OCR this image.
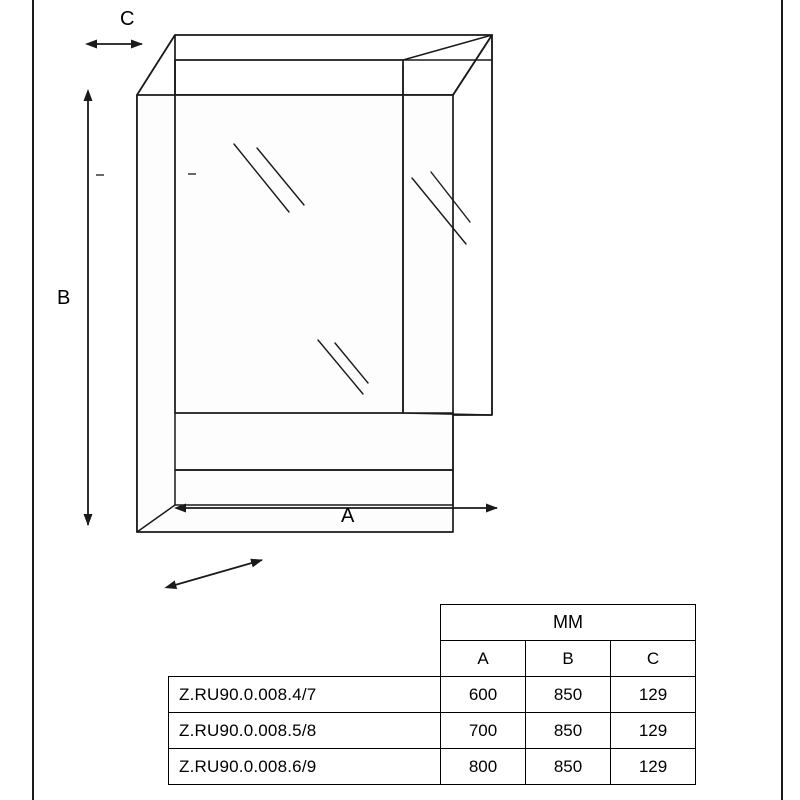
A
B
C
	MM		
	A	B	C
Z.RU90.0.008.4/7	600	850	129
Z.RU90.0.008.5/8	700	850	129
Z.RU90.0.008.6/9	800	850	129
